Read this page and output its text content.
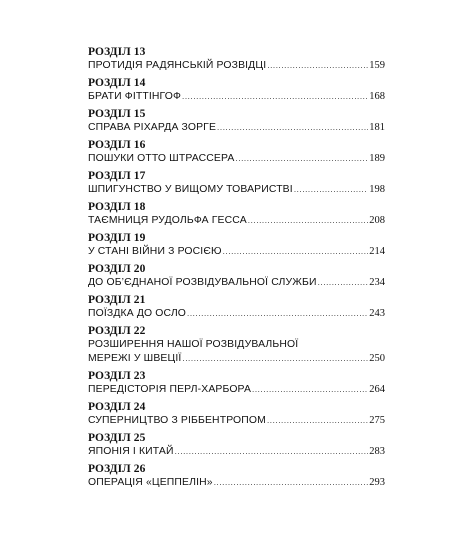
РОЗДІЛ 13
ПРОТИДІЯ РАДЯНСЬКІЙ РОЗВІДЦІ .....	159
РОЗДІЛ 14
БРАТИ ФІТТІНГОФ .....	168
РОЗДІЛ 15
СПРАВА РІХАРДА ЗОРГЕ .....	181
РОЗДІЛ 16
ПОШУКИ ОТТО ШТРАССЕРА .....	189
РОЗДІЛ 17
ШПИГУНСТВО У ВИЩОМУ ТОВАРИСТВІ .....	198
РОЗДІЛ 18
ТАЄМНИЦЯ РУДОЛЬФА ГЕССА .....	208
РОЗДІЛ 19
У СТАНІ ВІЙНИ З РОСІЄЮ .....	214
РОЗДІЛ 20
ДО ОБ’ЄДНАНОЇ РОЗВІДУВАЛЬНОЇ СЛУЖБИ .....	234
РОЗДІЛ 21
ПОЇЗДКА ДО ОСЛО .....	243
РОЗДІЛ 22
РОЗШИРЕННЯ НАШОЇ РОЗВІДУВАЛЬНОЇ
МЕРЕЖІ У ШВЕЦІЇ .....	250
РОЗДІЛ 23
ПЕРЕДІСТОРІЯ ПЕРЛ-ХАРБОРА .....	264
РОЗДІЛ 24
СУПЕРНИЦТВО З РІББЕНТРОПОМ .....	275
РОЗДІЛ 25
ЯПОНІЯ І КИТАЙ .....	283
РОЗДІЛ 26
ОПЕРАЦІЯ «ЦЕППЕЛІН» .....	293
